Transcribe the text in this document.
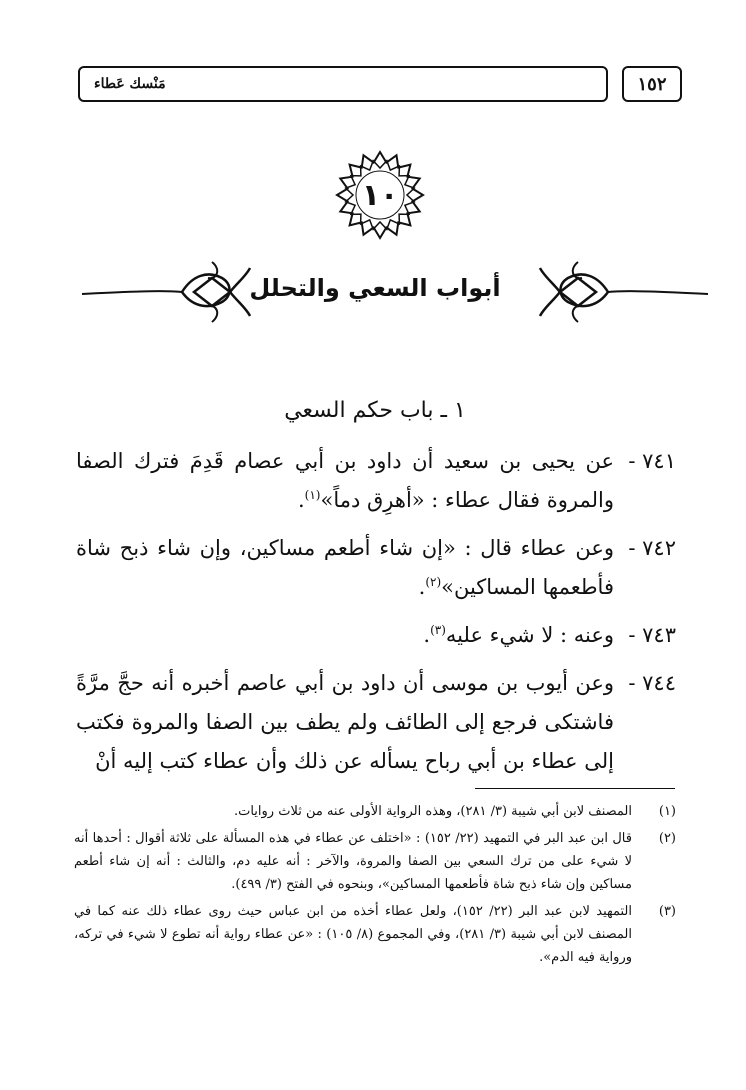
١٥٢
مَنْسك عَطاء
١٠
أبواب السعي والتحلل
١ ـ باب حكم السعي
٧٤١ -
عن يحيى بن سعيد أن داود بن أبي عصام قَدِمَ فترك الصفا والمروة فقال عطاء : «أهرِق دماً»$^{(١)}$.
٧٤٢ -
وعن عطاء قال : «إن شاء أطعم مساكين، وإن شاء ذبح شاة فأطعمها المساكين»$^{(٢)}$.
٧٤٣ -
وعنه : لا شيء عليه$^{(٣)}$.
٧٤٤ -
وعن أيوب بن موسى أن داود بن أبي عاصم أخبره أنه حجَّ مرَّةً فاشتكى فرجع إلى الطائف ولم يطف بين الصفا والمروة فكتب إلى عطاء بن أبي رباح يسأله عن ذلك وأن عطاء كتب إليه أنْ
(١)
المصنف لابن أبي شيبة (٣/ ٢٨١)، وهذه الرواية الأولى عنه من ثلاث روايات.
(٢)
قال ابن عبد البر في التمهيد (٢٢/ ١٥٢) : «اختلف عن عطاء في هذه المسألة على ثلاثة أقوال : أحدها أنه لا شيء على من ترك السعي بين الصفا والمروة، والآخر : أنه عليه دم، والثالث : أنه إن شاء أطعم مساكين وإن شاء ذبح شاة فأطعمها المساكين»، وبنحوه في الفتح (٣/ ٤٩٩).
(٣)
التمهيد لابن عبد البر (٢٢/ ١٥٢)، ولعل عطاء أخذه من ابن عباس حيث روى عطاء ذلك عنه كما في المصنف لابن أبي شيبة (٣/ ٢٨١)، وفي المجموع (٨/ ١٠٥) : «عن عطاء رواية أنه تطوع لا شيء في تركه، ورواية فيه الدم».
